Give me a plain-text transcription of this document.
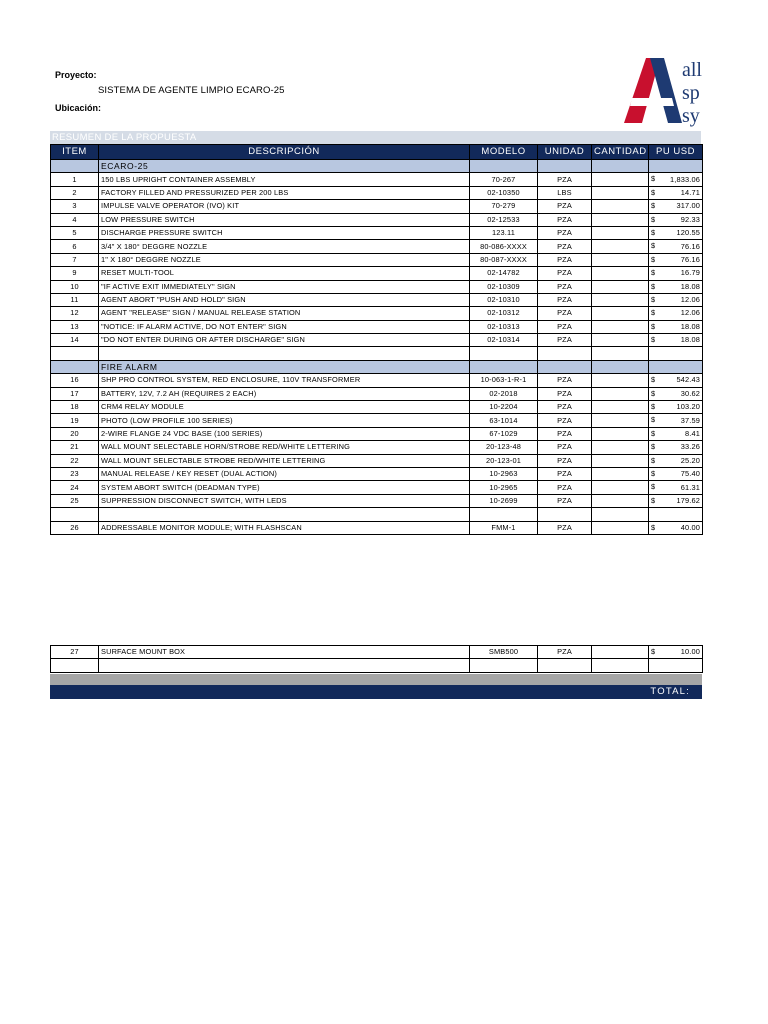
Proyecto:
SISTEMA DE AGENTE LIMPIO ECARO-25
Ubicación:
all
sp
sy
RESUMEN DE LA PROPUESTA
ITEM	DESCRIPCIÓN	MODELO	UNIDAD	CANTIDAD	PU USD
	ECARO-25				
1	150 LBS UPRIGHT CONTAINER ASSEMBLY	70-267	PZA		$ 1,833.06
2	FACTORY FILLED AND PRESSURIZED PER 200 LBS	02-10350	LBS		$ 14.71
3	IMPULSE VALVE OPERATOR (IVO) KIT	70-279	PZA		$ 317.00
4	LOW PRESSURE SWITCH	02-12533	PZA		$ 92.33
5	DISCHARGE PRESSURE SWITCH	123.11	PZA		$ 120.55
6	3/4" X 180° DEGGRE NOZZLE	80-086-XXXX	PZA		$ 76.16
7	1" X 180° DEGGRE NOZZLE	80-087-XXXX	PZA		$ 76.16
9	RESET MULTI-TOOL	02-14782	PZA		$ 16.79
10	"IF ACTIVE EXIT IMMEDIATELY" SIGN	02-10309	PZA		$ 18.08
11	AGENT ABORT "PUSH AND HOLD" SIGN	02-10310	PZA		$ 12.06
12	AGENT "RELEASE" SIGN / MANUAL RELEASE STATION	02-10312	PZA		$ 12.06
13	"NOTICE: IF ALARM ACTIVE, DO NOT ENTER" SIGN	02-10313	PZA		$ 18.08
14	"DO NOT ENTER DURING OR AFTER DISCHARGE" SIGN	02-10314	PZA		$ 18.08

	FIRE ALARM				
16	SHP PRO CONTROL SYSTEM, RED ENCLOSURE, 110V TRANSFORMER	10-063-1-R-1	PZA		$ 542.43
17	BATTERY, 12V, 7.2 AH (REQUIRES 2 EACH)	02-2018	PZA		$ 30.62
18	CRM4 RELAY MODULE	10-2204	PZA		$ 103.20
19	PHOTO (LOW PROFILE 100 SERIES)	63-1014	PZA		$ 37.59
20	2-WIRE FLANGE 24 VDC BASE (100 SERIES)	67-1029	PZA		$ 8.41
21	WALL MOUNT SELECTABLE HORN/STROBE RED/WHITE LETTERING	20-123-48	PZA		$ 33.26
22	WALL MOUNT SELECTABLE STROBE RED/WHITE LETTERING	20-123-01	PZA		$ 25.20
23	MANUAL RELEASE / KEY RESET (DUAL ACTION)	10-2963	PZA		$ 75.40
24	SYSTEM ABORT SWITCH (DEADMAN TYPE)	10-2965	PZA		$ 61.31
25	SUPPRESSION DISCONNECT SWITCH, WITH LEDS	10-2699	PZA		$ 179.62

26	ADDRESSABLE MONITOR MODULE; WITH FLASHSCAN	FMM-1	PZA		$ 40.00
27	SURFACE MOUNT BOX	SMB500	PZA		$ 10.00

TOTAL:
